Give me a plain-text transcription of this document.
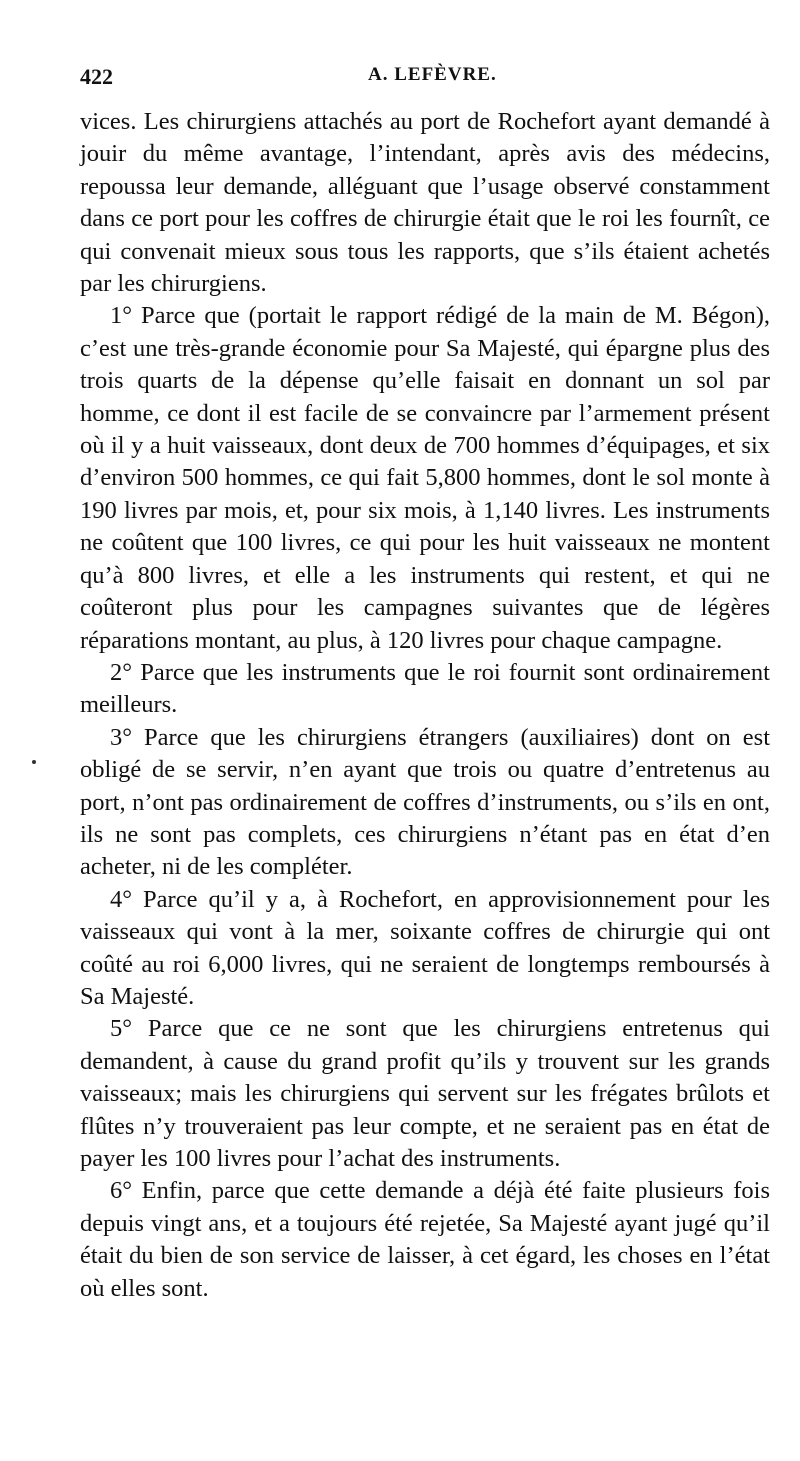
422	A. LEFÈVRE.

vices. Les chirurgiens attachés au port de Rochefort ayant demandé à jouir du même avantage, l’intendant, après avis des médecins, repoussa leur demande, alléguant que l’usage observé constamment dans ce port pour les coffres de chirurgie était que le roi les fournît, ce qui convenait mieux sous tous les rapports, que s’ils étaient achetés par les chirurgiens.

1° Parce que (portait le rapport rédigé de la main de M. Bégon), c’est une très-grande économie pour Sa Majesté, qui épargne plus des trois quarts de la dépense qu’elle faisait en donnant un sol par homme, ce dont il est facile de se convaincre par l’armement présent où il y a huit vaisseaux, dont deux de 700 hommes d’équipages, et six d’environ 500 hommes, ce qui fait 5,800 hommes, dont le sol monte à 190 livres par mois, et, pour six mois, à 1,140 livres. Les instruments ne coûtent que 100 livres, ce qui pour les huit vaisseaux ne montent qu’à 800 livres, et elle a les instruments qui restent, et qui ne coûteront plus pour les campagnes suivantes que de légères réparations montant, au plus, à 120 livres pour chaque campagne.

2° Parce que les instruments que le roi fournit sont ordinairement meilleurs.

3° Parce que les chirurgiens étrangers (auxiliaires) dont on est obligé de se servir, n’en ayant que trois ou quatre d’entretenus au port, n’ont pas ordinairement de coffres d’instruments, ou s’ils en ont, ils ne sont pas complets, ces chirurgiens n’étant pas en état d’en acheter, ni de les compléter.

4° Parce qu’il y a, à Rochefort, en approvisionnement pour les vaisseaux qui vont à la mer, soixante coffres de chirurgie qui ont coûté au roi 6,000 livres, qui ne seraient de longtemps remboursés à Sa Majesté.

5° Parce que ce ne sont que les chirurgiens entretenus qui demandent, à cause du grand profit qu’ils y trouvent sur les grands vaisseaux; mais les chirurgiens qui servent sur les frégates brûlots et flûtes n’y trouveraient pas leur compte, et ne seraient pas en état de payer les 100 livres pour l’achat des instruments.

6° Enfin, parce que cette demande a déjà été faite plusieurs fois depuis vingt ans, et a toujours été rejetée, Sa Majesté ayant jugé qu’il était du bien de son service de laisser, à cet égard, les choses en l’état où elles sont.
